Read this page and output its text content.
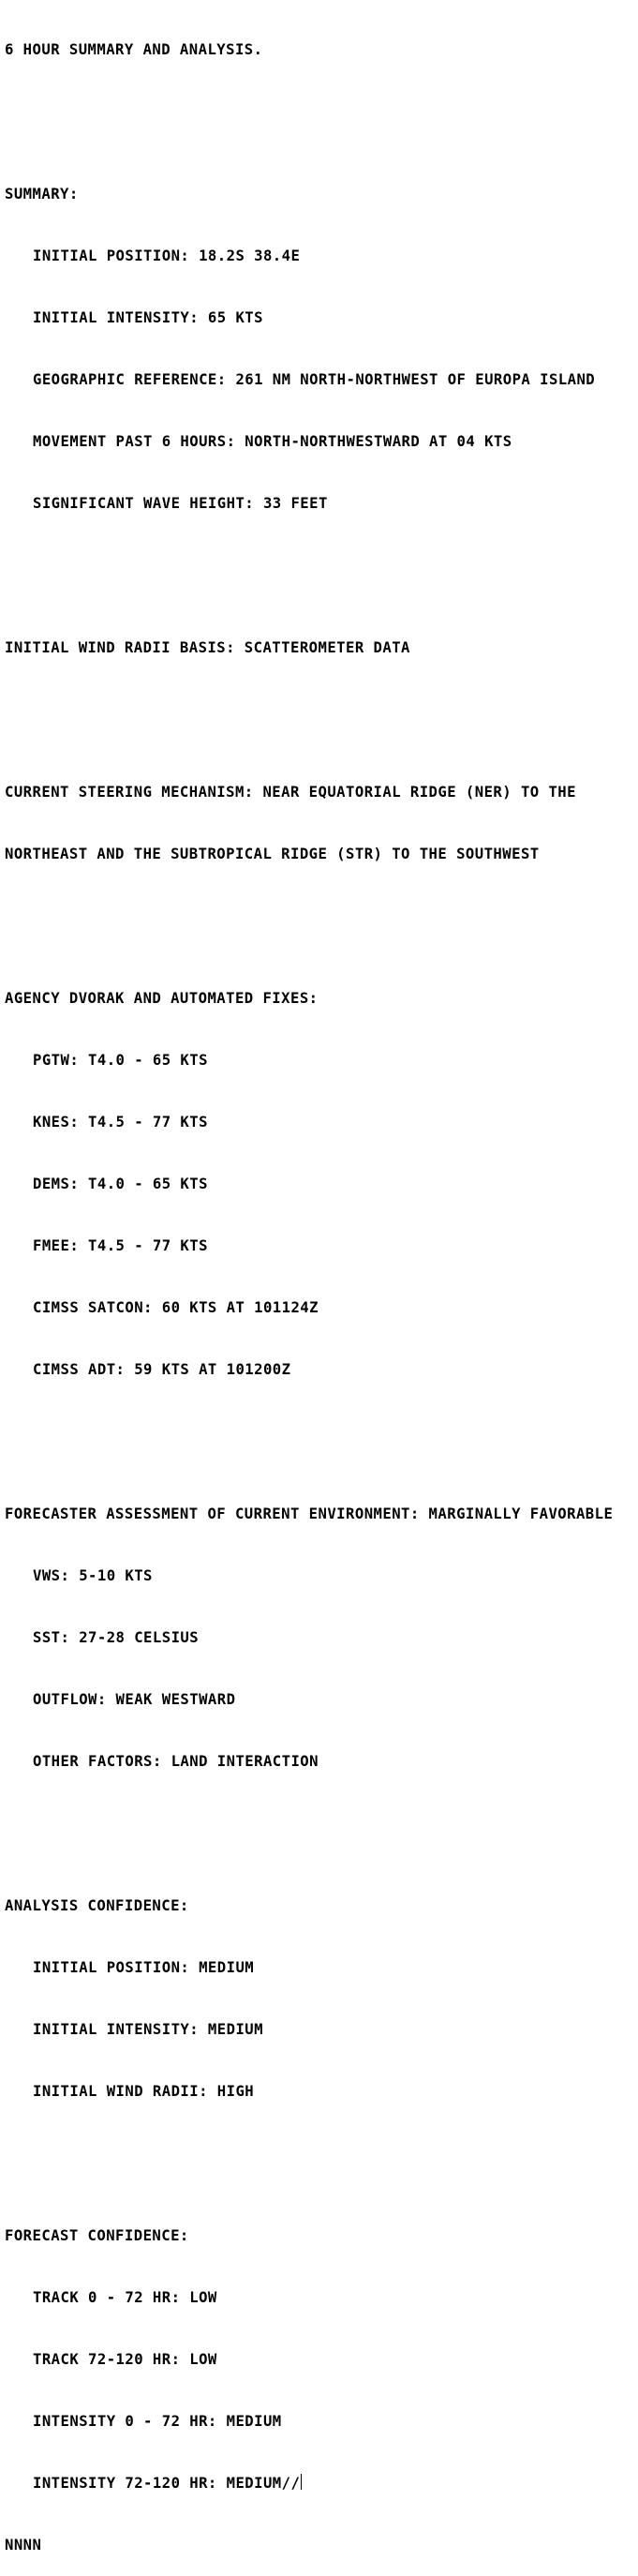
6 HOUR SUMMARY AND ANALYSIS.

SUMMARY:

INITIAL POSITION: 18.2S 38.4E

INITIAL INTENSITY: 65 KTS

GEOGRAPHIC REFERENCE: 261 NM NORTH-NORTHWEST OF EUROPA ISLAND

MOVEMENT PAST 6 HOURS: NORTH-NORTHWESTWARD AT 04 KTS

SIGNIFICANT WAVE HEIGHT: 33 FEET

INITIAL WIND RADII BASIS: SCATTEROMETER DATA

CURRENT STEERING MECHANISM: NEAR EQUATORIAL RIDGE (NER) TO THE

NORTHEAST AND THE SUBTROPICAL RIDGE (STR) TO THE SOUTHWEST

AGENCY DVORAK AND AUTOMATED FIXES:

PGTW: T4.0 - 65 KTS

KNES: T4.5 - 77 KTS

DEMS: T4.0 - 65 KTS

FMEE: T4.5 - 77 KTS

CIMSS SATCON: 60 KTS AT 101124Z

CIMSS ADT: 59 KTS AT 101200Z

FORECASTER ASSESSMENT OF CURRENT ENVIRONMENT: MARGINALLY FAVORABLE

VWS: 5-10 KTS

SST: 27-28 CELSIUS

OUTFLOW: WEAK WESTWARD

OTHER FACTORS: LAND INTERACTION

ANALYSIS CONFIDENCE:

INITIAL POSITION: MEDIUM

INITIAL INTENSITY: MEDIUM

INITIAL WIND RADII: HIGH

FORECAST CONFIDENCE:

TRACK 0 - 72 HR: LOW

TRACK 72-120 HR: LOW

INTENSITY 0 - 72 HR: MEDIUM

INTENSITY 72-120 HR: MEDIUM//

NNNN
